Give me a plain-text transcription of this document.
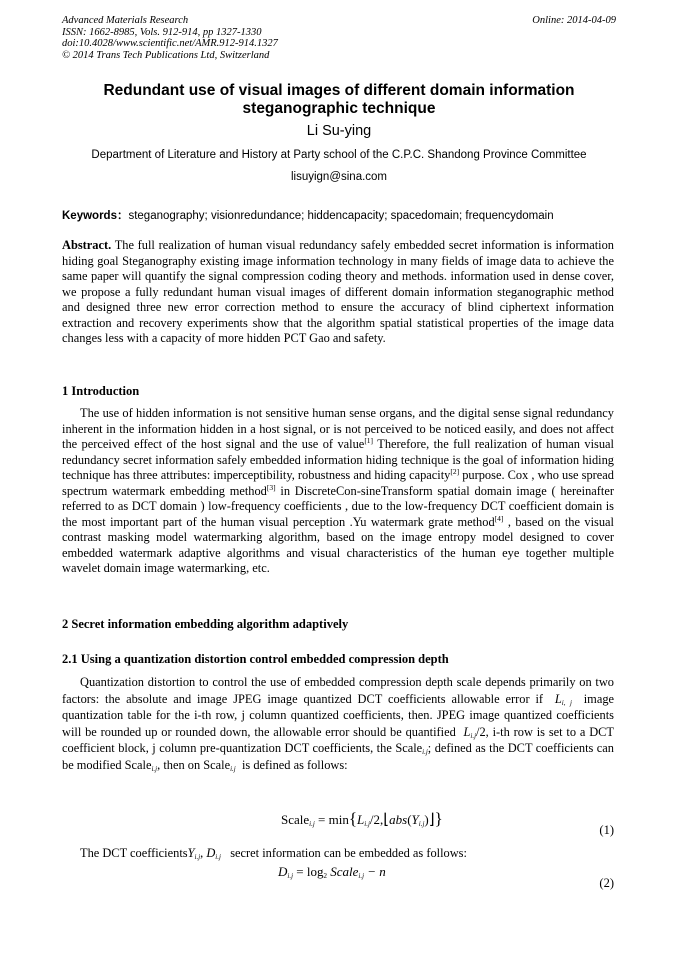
Advanced Materials Research
ISSN: 1662-8985, Vols. 912-914, pp 1327-1330
doi:10.4028/www.scientific.net/AMR.912-914.1327
© 2014 Trans Tech Publications Ltd, Switzerland
Online: 2014-04-09
Redundant use of visual images of different domain information steganographic technique
Li Su-ying
Department of Literature and History at Party school of the C.P.C. Shandong Province Committee
lisuyign@sina.com
Keywords：steganography; visionredundance; hiddencapacity; spacedomain; frequencydomain
Abstract. The full realization of human visual redundancy safely embedded secret information is information hiding goal Steganography existing image information technology in many fields of image data to achieve the same paper will quantify the signal compression coding theory and methods. information used in dense cover, we propose a fully redundant human visual images of different domain information steganographic method and designed three new error correction method to ensure the accuracy of blind ciphertext information extraction and recovery experiments show that the algorithm spatial statistical properties of the image data changes less with a capacity of more hidden PCT Gao and safety.
1 Introduction
The use of hidden information is not sensitive human sense organs, and the digital sense signal redundancy inherent in the information hidden in a host signal, or is not perceived to be noticed easily, and does not affect the perceived effect of the host signal and the use of value[1] Therefore, the full realization of human visual redundancy secret information safely embedded information hiding technique is the goal of information hiding technique has three attributes: imperceptibility, robustness and hiding capacity[2] purpose. Cox , who use spread spectrum watermark embedding method[3] in DiscreteCon-sineTransform spatial domain image ( hereinafter referred to as DCT domain ) low-frequency coefficients , due to the low-frequency DCT coefficient domain is the most important part of the human visual perception .Yu watermark grate method[4] , based on the visual contrast masking model watermarking algorithm, based on the image entropy model designed to cover embedded watermark adaptive algorithms and visual characteristics of the human eye together multiple wavelet domain image watermarking, etc.
2 Secret information embedding algorithm adaptively
2.1 Using a quantization distortion control embedded compression depth
Quantization distortion to control the use of embedded compression depth scale depends primarily on two factors: the absolute and image JPEG image quantized DCT coefficients allowable error if $L_{i, j}$ image quantization table for the i-th row, j column quantized coefficients, then. JPEG image quantized coefficients will be rounded up or rounded down, the allowable error should be quantified $L_{i.j}/2$, i-th row is set to a DCT coefficient block, j column pre-quantization DCT coefficients, the Scale$_{i.j}$; defined as the DCT coefficients can be modified Scale$_{i.j}$, then on Scale$_{i.j}$ is defined as follows:
Scale$_{i.j}$ = $\min\{L_{i.j}/2,⌊abs(Y_{i.j})⌋\}$
(1)
The DCT coefficientsY$_{i.j}$, $D_{i.j}$ secret information can be embedded as follows:
$D_{i.j} = \log_2$ Scale$_{i.j}$ − n
(2)
